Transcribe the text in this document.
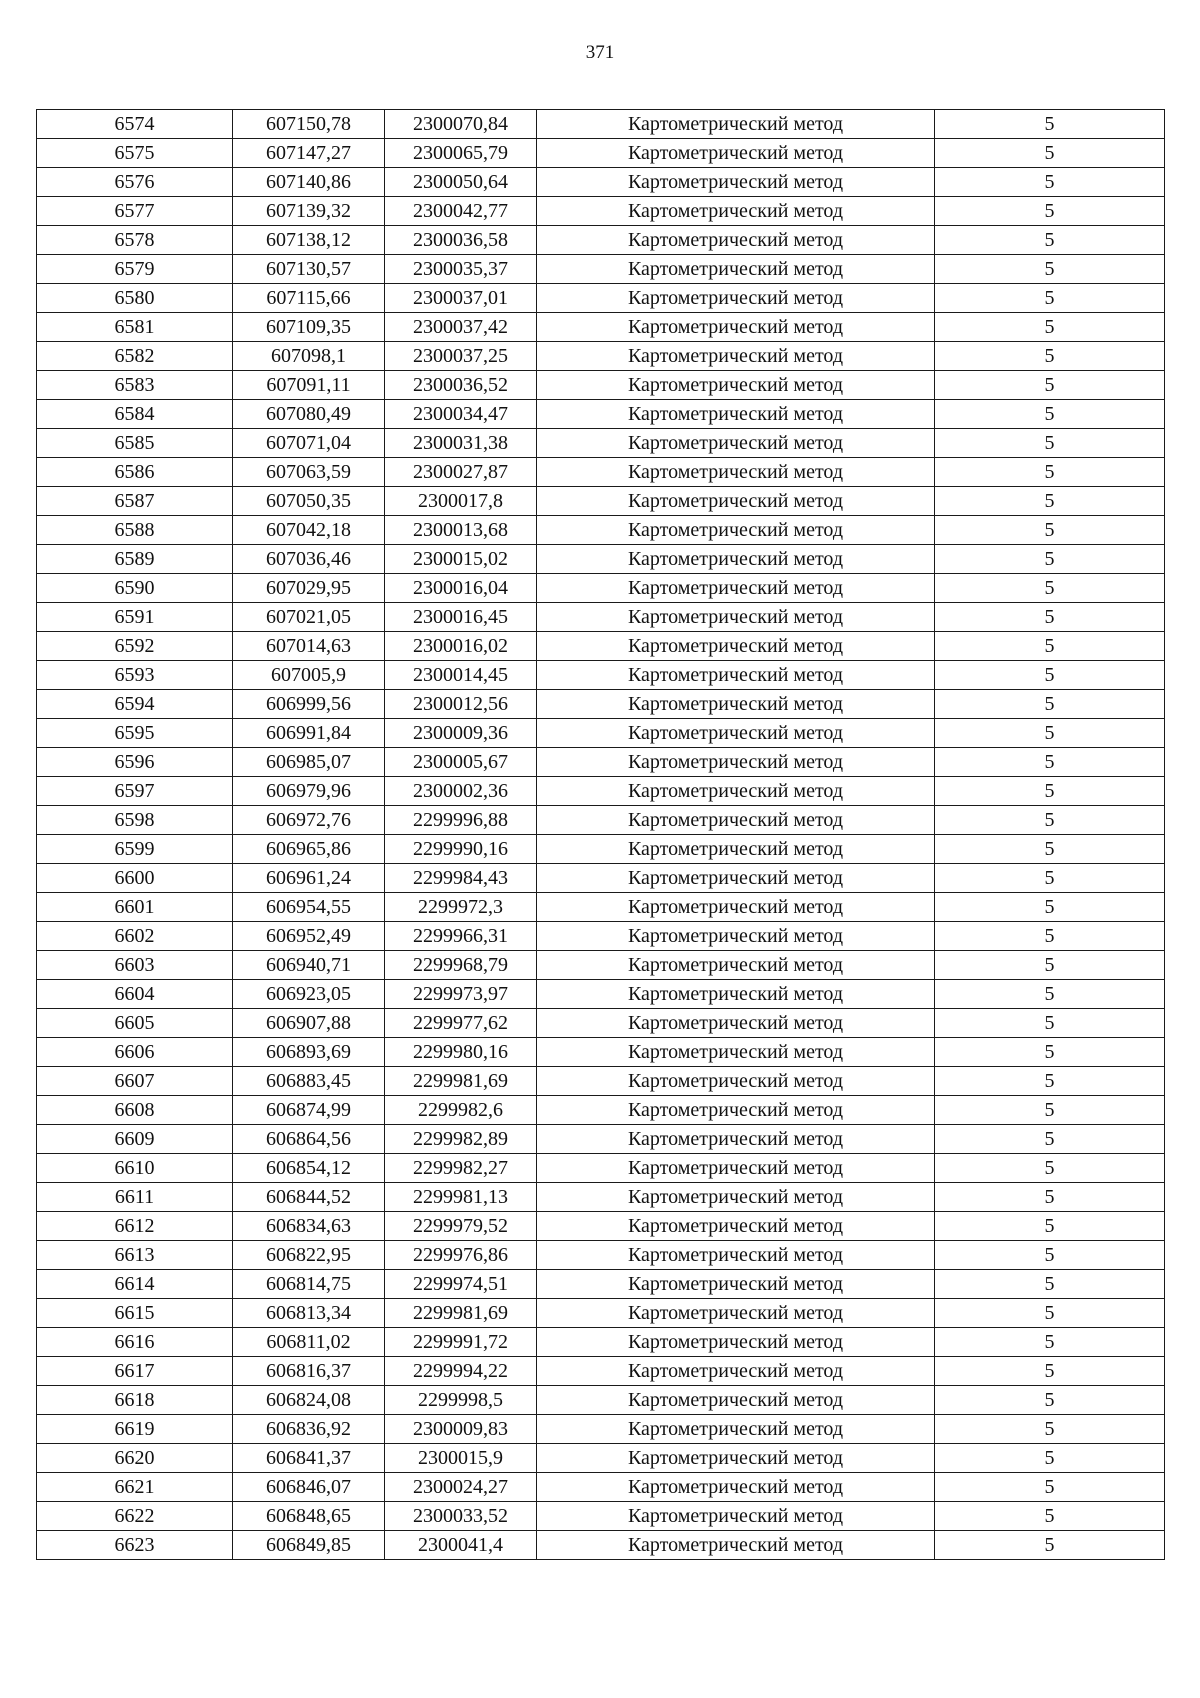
371
6574	607150,78	2300070,84	Картометрический метод	5
6575	607147,27	2300065,79	Картометрический метод	5
6576	607140,86	2300050,64	Картометрический метод	5
6577	607139,32	2300042,77	Картометрический метод	5
6578	607138,12	2300036,58	Картометрический метод	5
6579	607130,57	2300035,37	Картометрический метод	5
6580	607115,66	2300037,01	Картометрический метод	5
6581	607109,35	2300037,42	Картометрический метод	5
6582	607098,1	2300037,25	Картометрический метод	5
6583	607091,11	2300036,52	Картометрический метод	5
6584	607080,49	2300034,47	Картометрический метод	5
6585	607071,04	2300031,38	Картометрический метод	5
6586	607063,59	2300027,87	Картометрический метод	5
6587	607050,35	2300017,8	Картометрический метод	5
6588	607042,18	2300013,68	Картометрический метод	5
6589	607036,46	2300015,02	Картометрический метод	5
6590	607029,95	2300016,04	Картометрический метод	5
6591	607021,05	2300016,45	Картометрический метод	5
6592	607014,63	2300016,02	Картометрический метод	5
6593	607005,9	2300014,45	Картометрический метод	5
6594	606999,56	2300012,56	Картометрический метод	5
6595	606991,84	2300009,36	Картометрический метод	5
6596	606985,07	2300005,67	Картометрический метод	5
6597	606979,96	2300002,36	Картометрический метод	5
6598	606972,76	2299996,88	Картометрический метод	5
6599	606965,86	2299990,16	Картометрический метод	5
6600	606961,24	2299984,43	Картометрический метод	5
6601	606954,55	2299972,3	Картометрический метод	5
6602	606952,49	2299966,31	Картометрический метод	5
6603	606940,71	2299968,79	Картометрический метод	5
6604	606923,05	2299973,97	Картометрический метод	5
6605	606907,88	2299977,62	Картометрический метод	5
6606	606893,69	2299980,16	Картометрический метод	5
6607	606883,45	2299981,69	Картометрический метод	5
6608	606874,99	2299982,6	Картометрический метод	5
6609	606864,56	2299982,89	Картометрический метод	5
6610	606854,12	2299982,27	Картометрический метод	5
6611	606844,52	2299981,13	Картометрический метод	5
6612	606834,63	2299979,52	Картометрический метод	5
6613	606822,95	2299976,86	Картометрический метод	5
6614	606814,75	2299974,51	Картометрический метод	5
6615	606813,34	2299981,69	Картометрический метод	5
6616	606811,02	2299991,72	Картометрический метод	5
6617	606816,37	2299994,22	Картометрический метод	5
6618	606824,08	2299998,5	Картометрический метод	5
6619	606836,92	2300009,83	Картометрический метод	5
6620	606841,37	2300015,9	Картометрический метод	5
6621	606846,07	2300024,27	Картометрический метод	5
6622	606848,65	2300033,52	Картометрический метод	5
6623	606849,85	2300041,4	Картометрический метод	5
